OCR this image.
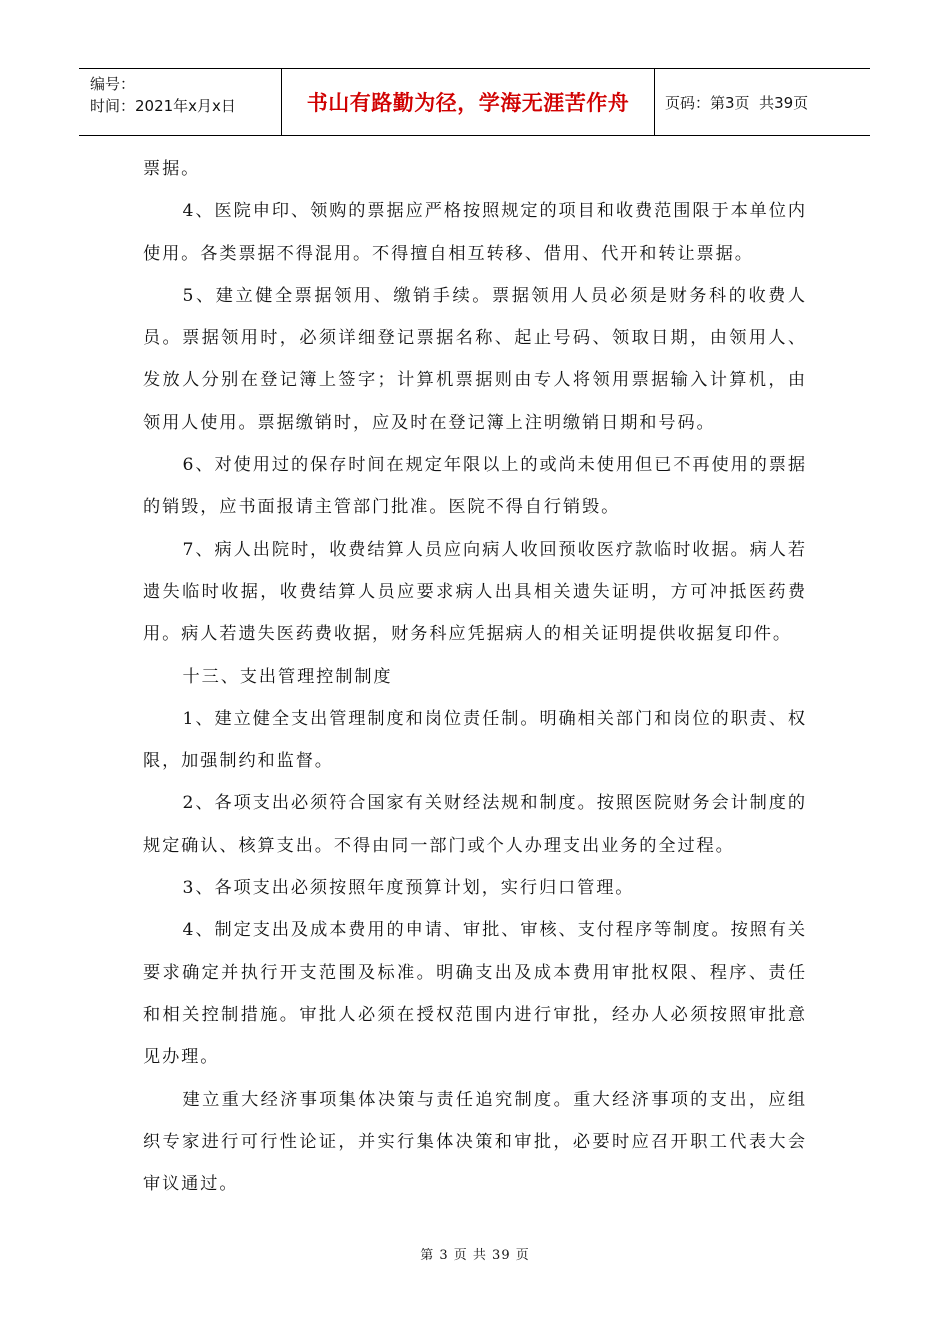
编号：
时间：2021年x月x日	书山有路勤为径，学海无涯苦作舟	页码：第3页  共39页

票据。

4、医院申印、领购的票据应严格按照规定的项目和收费范围限于本单位内使用。各类票据不得混用。不得擅自相互转移、借用、代开和转让票据。

5、建立健全票据领用、缴销手续。票据领用人员必须是财务科的收费人员。票据领用时，必须详细登记票据名称、起止号码、领取日期，由领用人、发放人分别在登记簿上签字；计算机票据则由专人将领用票据输入计算机，由领用人使用。票据缴销时，应及时在登记簿上注明缴销日期和号码。

6、对使用过的保存时间在规定年限以上的或尚未使用但已不再使用的票据的销毁，应书面报请主管部门批准。医院不得自行销毁。

7、病人出院时，收费结算人员应向病人收回预收医疗款临时收据。病人若遗失临时收据，收费结算人员应要求病人出具相关遗失证明，方可冲抵医药费用。病人若遗失医药费收据，财务科应凭据病人的相关证明提供收据复印件。

十三、支出管理控制制度

1、建立健全支出管理制度和岗位责任制。明确相关部门和岗位的职责、权限，加强制约和监督。

2、各项支出必须符合国家有关财经法规和制度。按照医院财务会计制度的规定确认、核算支出。不得由同一部门或个人办理支出业务的全过程。

3、各项支出必须按照年度预算计划，实行归口管理。

4、制定支出及成本费用的申请、审批、审核、支付程序等制度。按照有关要求确定并执行开支范围及标准。明确支出及成本费用审批权限、程序、责任和相关控制措施。审批人必须在授权范围内进行审批，经办人必须按照审批意见办理。

建立重大经济事项集体决策与责任追究制度。重大经济事项的支出，应组织专家进行可行性论证，并实行集体决策和审批，必要时应召开职工代表大会审议通过。

第 3 页 共 39 页
